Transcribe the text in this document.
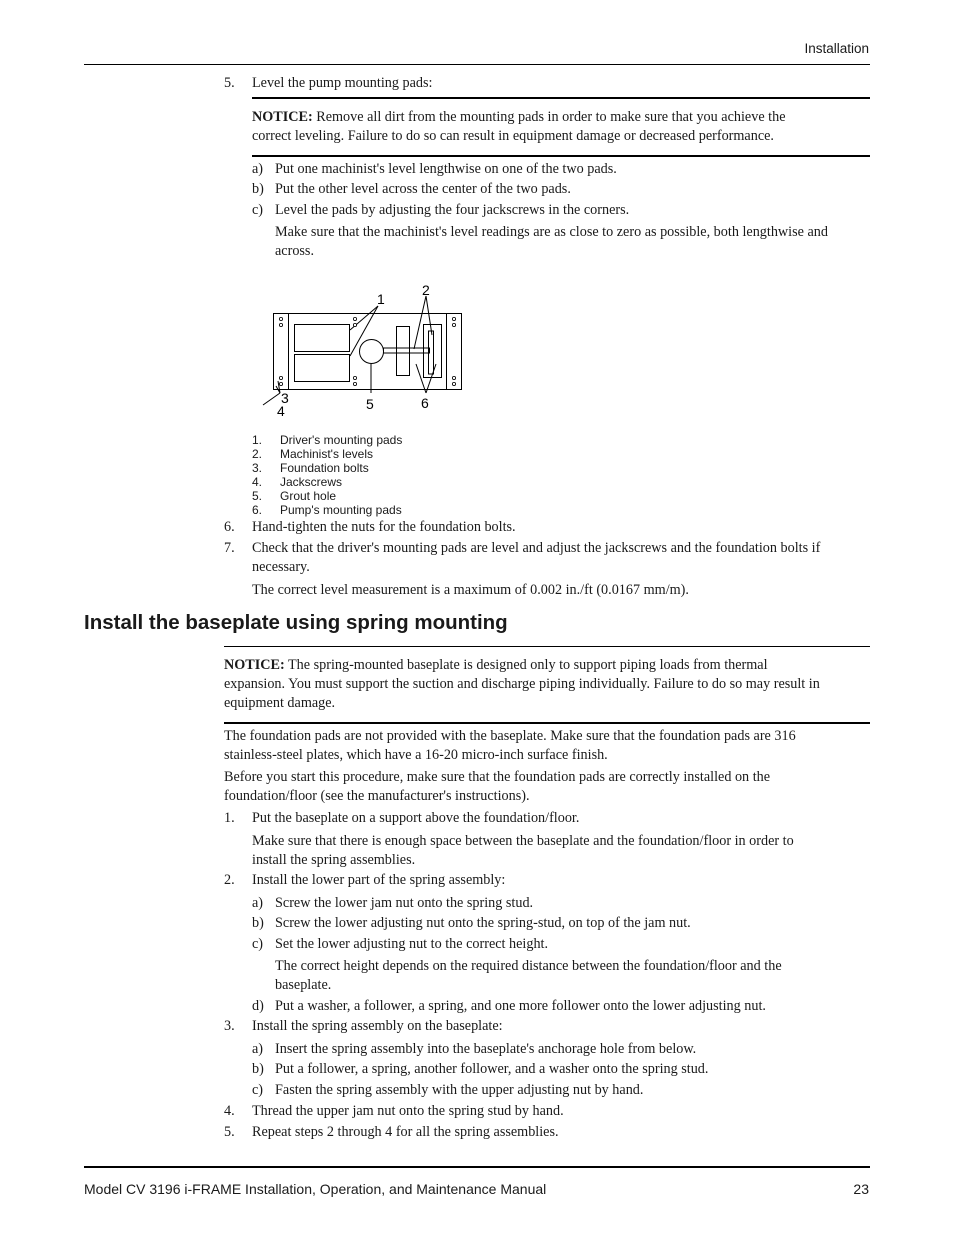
Installation
5. Level the pump mounting pads:
NOTICE: Remove all dirt from the mounting pads in order to make sure that you achieve the
correct leveling. Failure to do so can result in equipment damage or decreased performance.
a) Put one machinist's level lengthwise on one of the two pads.
b) Put the other level across the center of the two pads.
c) Level the pads by adjusting the four jackscrews in the corners.
Make sure that the machinist's level readings are as close to zero as possible, both lengthwise and
across.
1
2
3
4	5	6
1. Driver's mounting pads
2. Machinist's levels
3. Foundation bolts
4. Jackscrews
5. Grout hole
6. Pump's mounting pads
6. Hand-tighten the nuts for the foundation bolts.
7. Check that the driver's mounting pads are level and adjust the jackscrews and the foundation bolts if
necessary.
The correct level measurement is a maximum of 0.002 in./ft (0.0167 mm/m).
Install the baseplate using spring mounting
NOTICE: The spring-mounted baseplate is designed only to support piping loads from thermal
expansion. You must support the suction and discharge piping individually. Failure to do so may result in
equipment damage.
The foundation pads are not provided with the baseplate. Make sure that the foundation pads are 316
stainless-steel plates, which have a 16-20 micro-inch surface finish.
Before you start this procedure, make sure that the foundation pads are correctly installed on the
foundation/floor (see the manufacturer's instructions).
1. Put the baseplate on a support above the foundation/floor.
Make sure that there is enough space between the baseplate and the foundation/floor in order to
install the spring assemblies.
2. Install the lower part of the spring assembly:
a) Screw the lower jam nut onto the spring stud.
b) Screw the lower adjusting nut onto the spring-stud, on top of the jam nut.
c) Set the lower adjusting nut to the correct height.
The correct height depends on the required distance between the foundation/floor and the
baseplate.
d) Put a washer, a follower, a spring, and one more follower onto the lower adjusting nut.
3. Install the spring assembly on the baseplate:
a) Insert the spring assembly into the baseplate's anchorage hole from below.
b) Put a follower, a spring, another follower, and a washer onto the spring stud.
c) Fasten the spring assembly with the upper adjusting nut by hand.
4. Thread the upper jam nut onto the spring stud by hand.
5. Repeat steps 2 through 4 for all the spring assemblies.
Model CV 3196 i-FRAME Installation, Operation, and Maintenance Manual	23
